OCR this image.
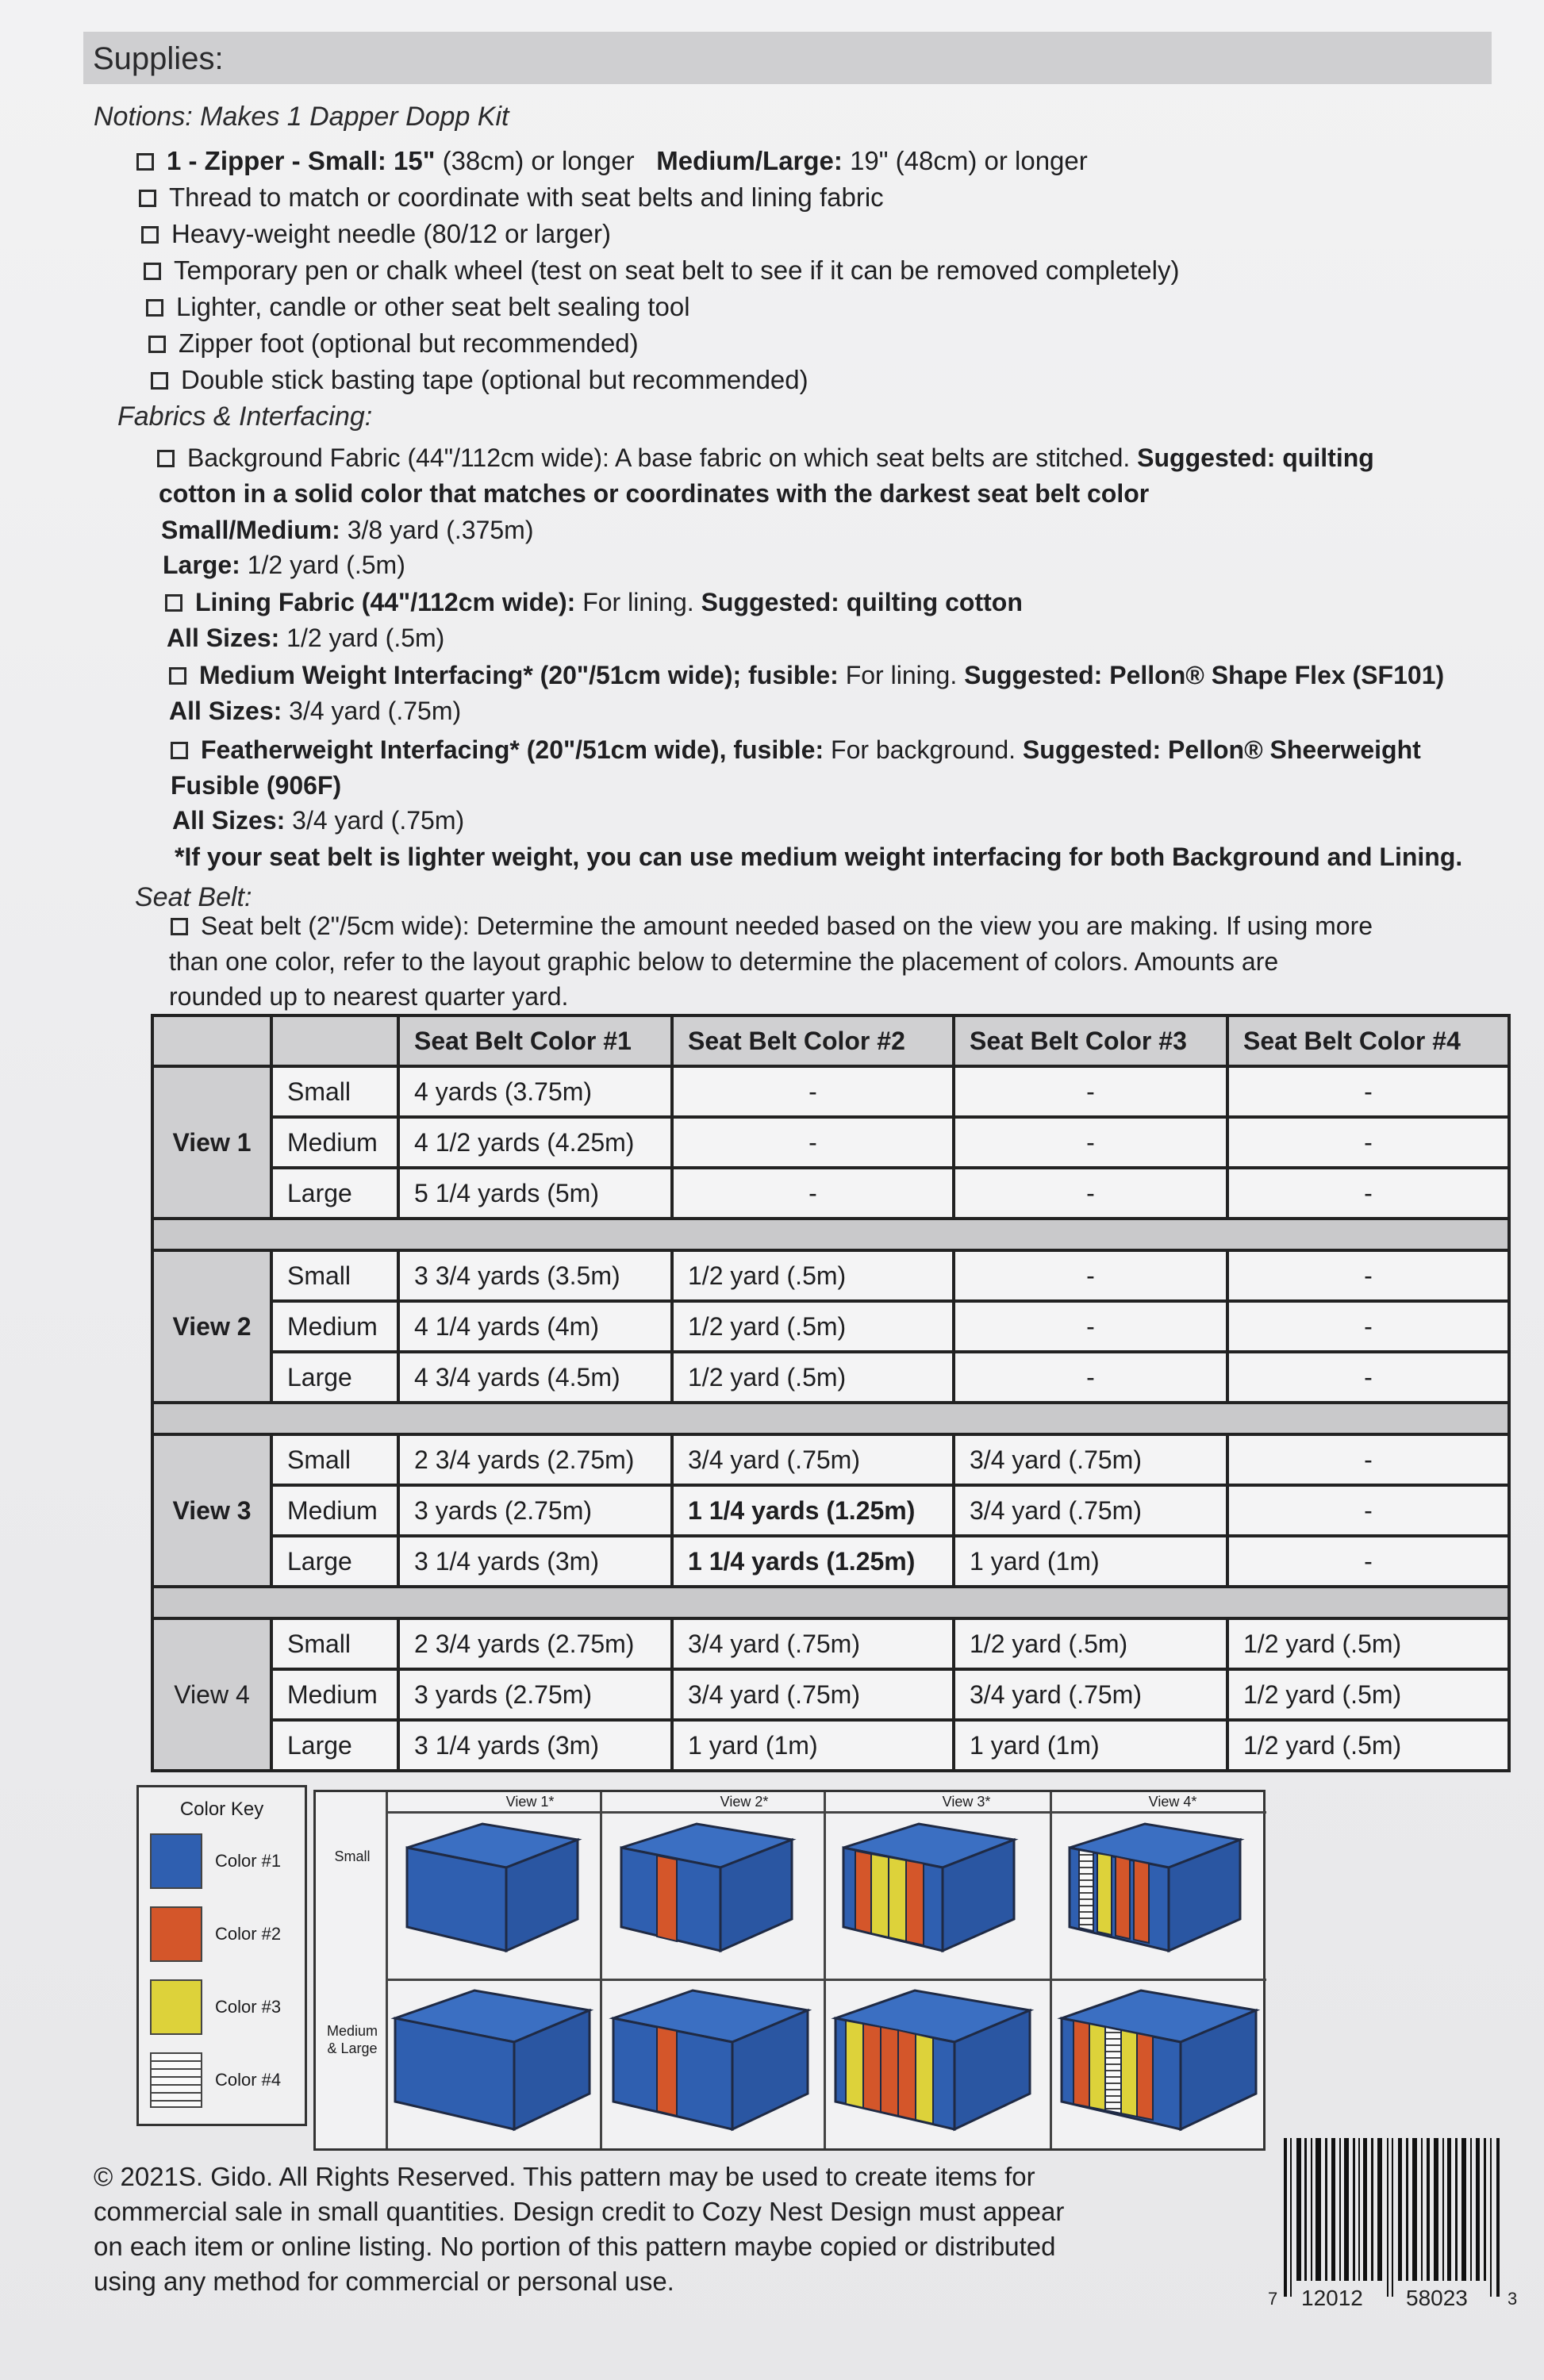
Supplies:
Notions: Makes 1 Dapper Dopp Kit
1 - Zipper - Small: 15" (38cm) or longer Medium/Large: 19" (48cm) or longer
Thread to match or coordinate with seat belts and lining fabric
Heavy-weight needle (80/12 or larger)
Temporary pen or chalk wheel (test on seat belt to see if it can be removed completely)
Lighter, candle or other seat belt sealing tool
Zipper foot (optional but recommended)
Double stick basting tape (optional but recommended)
Fabrics & Interfacing:
Background Fabric (44"/112cm wide): A base fabric on which seat belts are stitched. Suggested: quilting
cotton in a solid color that matches or coordinates with the darkest seat belt color
Small/Medium: 3/8 yard (.375m)
Large: 1/2 yard (.5m)
Lining Fabric (44"/112cm wide): For lining. Suggested: quilting cotton
All Sizes: 1/2 yard (.5m)
Medium Weight Interfacing* (20"/51cm wide); fusible: For lining. Suggested: Pellon® Shape Flex (SF101)
All Sizes: 3/4 yard (.75m)
Featherweight Interfacing* (20"/51cm wide), fusible: For background. Suggested: Pellon® Sheerweight
Fusible (906F)
All Sizes: 3/4 yard (.75m)
*If your seat belt is lighter weight, you can use medium weight interfacing for both Background and Lining.
Seat Belt:
Seat belt (2"/5cm wide): Determine the amount needed based on the view you are making. If using more
than one color, refer to the layout graphic below to determine the placement of colors. Amounts are
rounded up to nearest quarter yard.
		Seat Belt Color #1	Seat Belt Color #2	Seat Belt Color #3	Seat Belt Color #4
View 1	Small	4 yards (3.75m)	-	-	-
	Medium	4 1/2 yards (4.25m)	-	-	-
	Large	5 1/4 yards (5m)	-	-	-

View 2	Small	3 3/4 yards (3.5m)	1/2 yard (.5m)	-	-
	Medium	4 1/4 yards (4m)	1/2 yard (.5m)	-	-
	Large	4 3/4 yards (4.5m)	1/2 yard (.5m)	-	-

View 3	Small	2 3/4 yards (2.75m)	3/4 yard (.75m)	3/4 yard (.75m)	-
	Medium	3 yards (2.75m)	1 1/4 yards (1.25m)	3/4 yard (.75m)	-
	Large	3 1/4 yards (3m)	1 1/4 yards (1.25m)	1 yard (1m)	-

View 4	Small	2 3/4 yards (2.75m)	3/4 yard (.75m)	1/2 yard (.5m)	1/2 yard (.5m)
	Medium	3 yards (2.75m)	3/4 yard (.75m)	3/4 yard (.75m)	1/2 yard (.5m)
	Large	3 1/4 yards (3m)	1 yard (1m)	1 yard (1m)	1/2 yard (.5m)
Color Key
Color #1
Color #2
Color #3
Color #4
View 1*	View 2*	View 3*	View 4*
Small
Medium & Large
© 2021S. Gido. All Rights Reserved. This pattern may be used to create items for
commercial sale in small quantities. Design credit to Cozy Nest Design must appear
on each item or online listing. No portion of this pattern maybe copied or distributed
using any method for commercial or personal use.
7 12012 58023 3
